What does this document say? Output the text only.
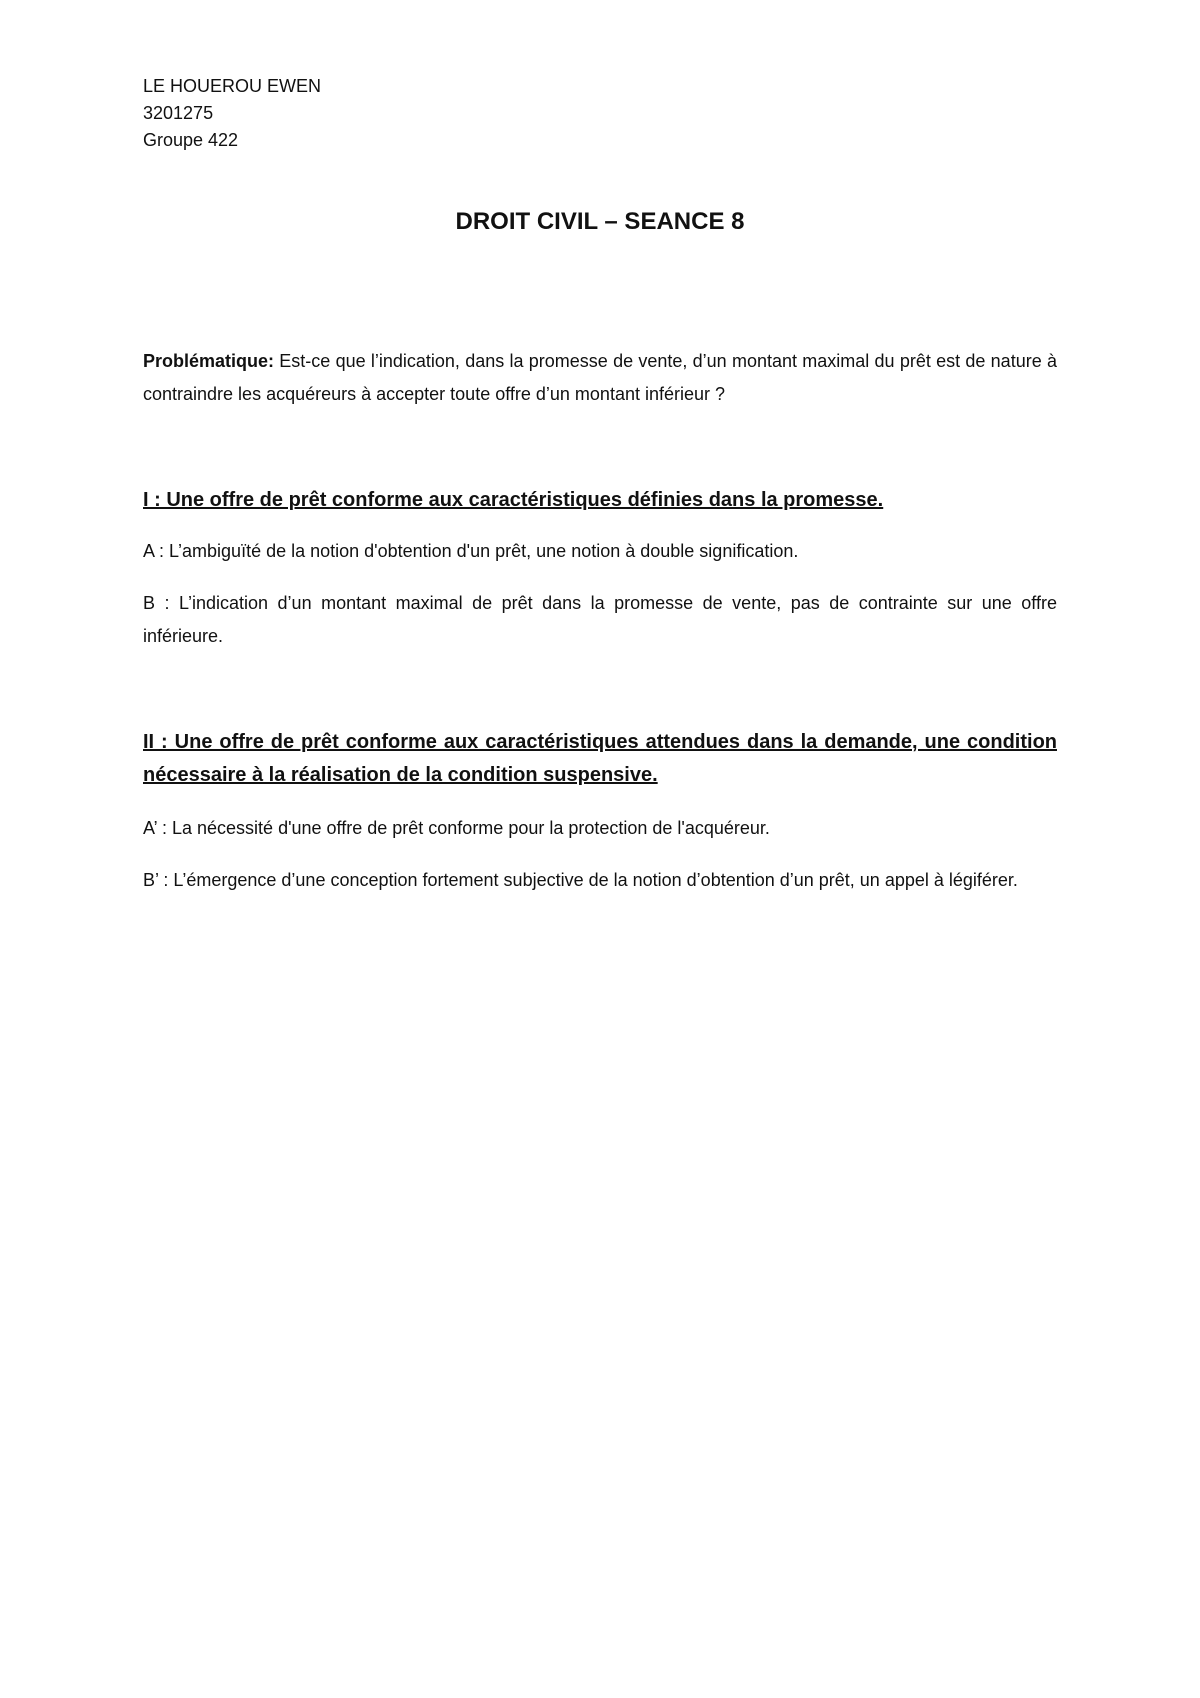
LE HOUEROU EWEN
3201275
Groupe 422
DROIT CIVIL – SEANCE 8
Problématique: Est-ce que l’indication, dans la promesse de vente, d’un montant maximal du prêt est de nature à contraindre les acquéreurs à accepter toute offre d’un montant inférieur ?
I : Une offre de prêt conforme aux caractéristiques définies dans la promesse.
A : L’ambiguïté de la notion d'obtention d'un prêt, une notion à double signification.
B : L’indication d’un montant maximal de prêt dans la promesse de vente, pas de contrainte sur une offre inférieure.
II : Une offre de prêt conforme aux caractéristiques attendues dans la demande, une condition nécessaire à la réalisation de la condition suspensive.
A’ : La nécessité d'une offre de prêt conforme pour la protection de l'acquéreur.
B’ : L’émergence d’une conception fortement subjective de la notion d’obtention d’un prêt, un appel à légiférer.
